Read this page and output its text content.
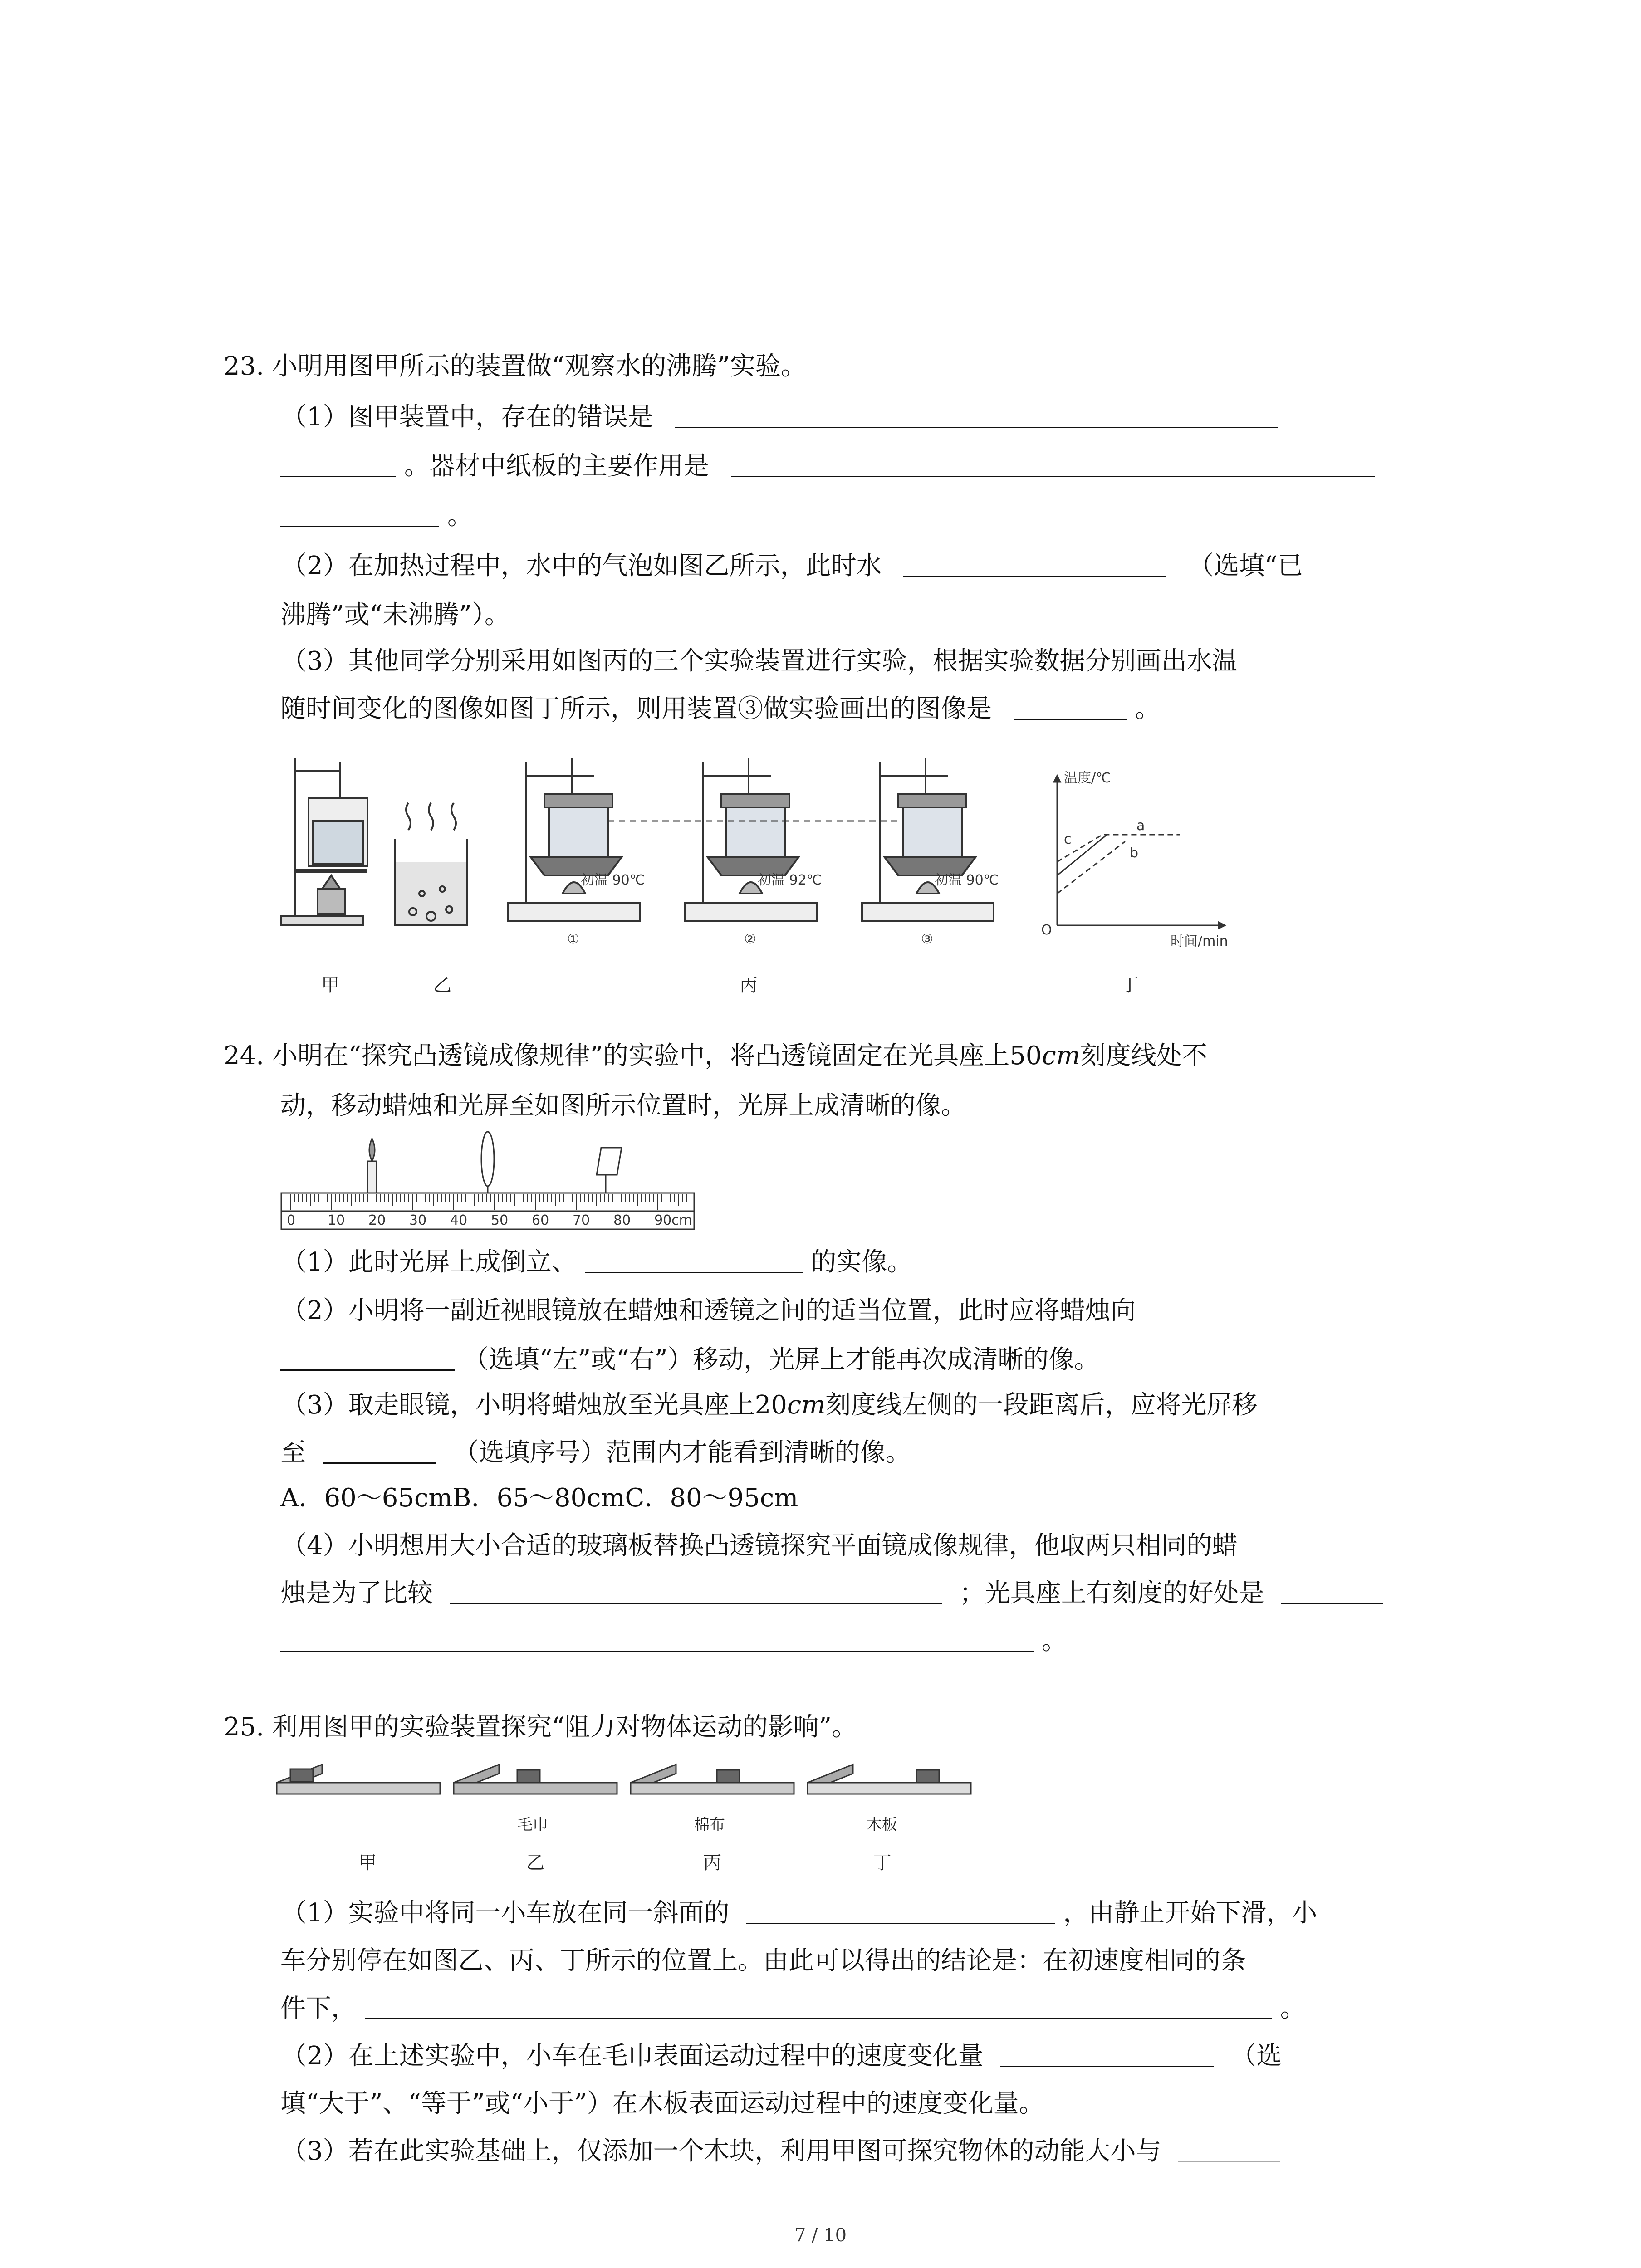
23. 小明用图甲所示的装置做“观察水的沸腾”实验。
（1）图甲装置中，存在的错误是
。器材中纸板的主要作用是
。
（2）在加热过程中，水中的气泡如图乙所示，此时水	（选填“已
沸腾”或“未沸腾”）。
（3）其他同学分别采用如图丙的三个实验装置进行实验，根据实验数据分别画出水温
随时间变化的图像如图丁所示，则用装置③做实验画出的图像是	。
初温 90℃	初温 92℃	初温 90℃
①	②	③
温度/℃
时间/min
O
a
b
c
甲	乙	丙	丁
24. 小明在“探究凸透镜成像规律”的实验中，将凸透镜固定在光具座上50cm刻度线处不
动，移动蜡烛和光屏至如图所示位置时，光屏上成清晰的像。
0 10 20 30 40 50 60 70 80 90 cm
（1）此时光屏上成倒立、	的实像。
（2）小明将一副近视眼镜放在蜡烛和透镜之间的适当位置，此时应将蜡烛向
（选填“左”或“右”）移动，光屏上才能再次成清晰的像。
（3）取走眼镜，小明将蜡烛放至光具座上20cm刻度线左侧的一段距离后，应将光屏移
至	（选填序号）范围内才能看到清晰的像。
A．60～65cmB．65～80cmC．80～95cm
（4）小明想用大小合适的玻璃板替换凸透镜探究平面镜成像规律，他取两只相同的蜡
烛是为了比较	；光具座上有刻度的好处是
。
25. 利用图甲的实验装置探究“阻力对物体运动的影响”。
毛巾	棉布	木板
甲	乙	丙	丁
（1）实验中将同一小车放在同一斜面的	，由静止开始下滑，小
车分别停在如图乙、丙、丁所示的位置上。由此可以得出的结论是：在初速度相同的条
件下，	。
（2）在上述实验中，小车在毛巾表面运动过程中的速度变化量	（选
填“大于”、“等于”或“小于”）在木板表面运动过程中的速度变化量。
（3）若在此实验基础上，仅添加一个木块，利用甲图可探究物体的动能大小与
7 / 10
